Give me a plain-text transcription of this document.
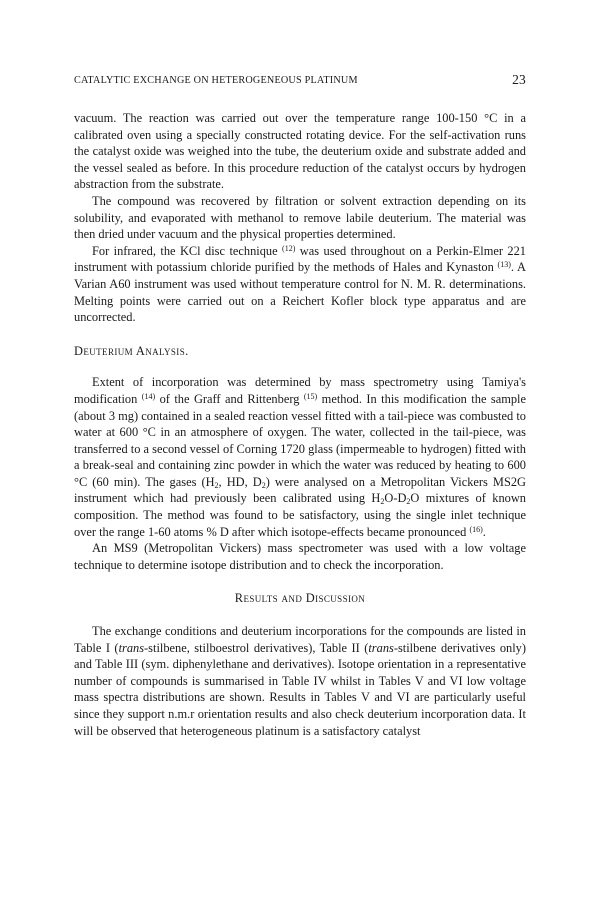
CATALYTIC EXCHANGE ON HETEROGENEOUS PLATINUM	23

vacuum. The reaction was carried out over the temperature range 100-150 °C in a calibrated oven using a specially constructed rotating device. For the self-activation runs the catalyst oxide was weighed into the tube, the deuterium oxide and substrate added and the vessel sealed as before. In this procedure reduction of the catalyst occurs by hydrogen abstraction from the substrate.

The compound was recovered by filtration or solvent extraction depending on its solubility, and evaporated with methanol to remove labile deuterium. The material was then dried under vacuum and the physical properties determined.

For infrared, the KCl disc technique $^{(12)}$ was used throughout on a Perkin-Elmer 221 instrument with potassium chloride purified by the methods of Hales and Kynaston $^{(13)}$. A Varian A60 instrument was used without temperature control for N. M. R. determinations. Melting points were carried out on a Reichert Kofler block type apparatus and are uncorrected.

Deuterium Analysis.

Extent of incorporation was determined by mass spectrometry using Tamiya's modification $^{(14)}$ of the Graff and Rittenberg $^{(15)}$ method. In this modification the sample (about 3 mg) contained in a sealed reaction vessel fitted with a tail-piece was combusted to water at 600 °C in an atmosphere of oxygen. The water, collected in the tail-piece, was transferred to a second vessel of Corning 1720 glass (impermeable to hydrogen) fitted with a break-seal and containing zinc powder in which the water was reduced by heating to 600 °C (60 min). The gases ($H_2$, HD, $D_2$) were analysed on a Metropolitan Vickers MS2G instrument which had previously been calibrated using $H_2O-D_2O$ mixtures of known composition. The method was found to be satisfactory, using the single inlet technique over the range 1-60 atoms % D after which isotope-effects became pronounced $^{(16)}$.

An MS9 (Metropolitan Vickers) mass spectrometer was used with a low voltage technique to determine isotope distribution and to check the incorporation.

Results and Discussion

The exchange conditions and deuterium incorporations for the compounds are listed in Table I (trans-stilbene, stilboestrol derivatives), Table II (trans-stilbene derivatives only) and Table III (sym. diphenylethane and derivatives). Isotope orientation in a representative number of compounds is summarised in Table IV whilst in Tables V and VI low voltage mass spectra distributions are shown. Results in Tables V and VI are particularly useful since they support n.m.r orientation results and also check deuterium incorporation data. It will be observed that heterogeneous platinum is a satisfactory catalyst
